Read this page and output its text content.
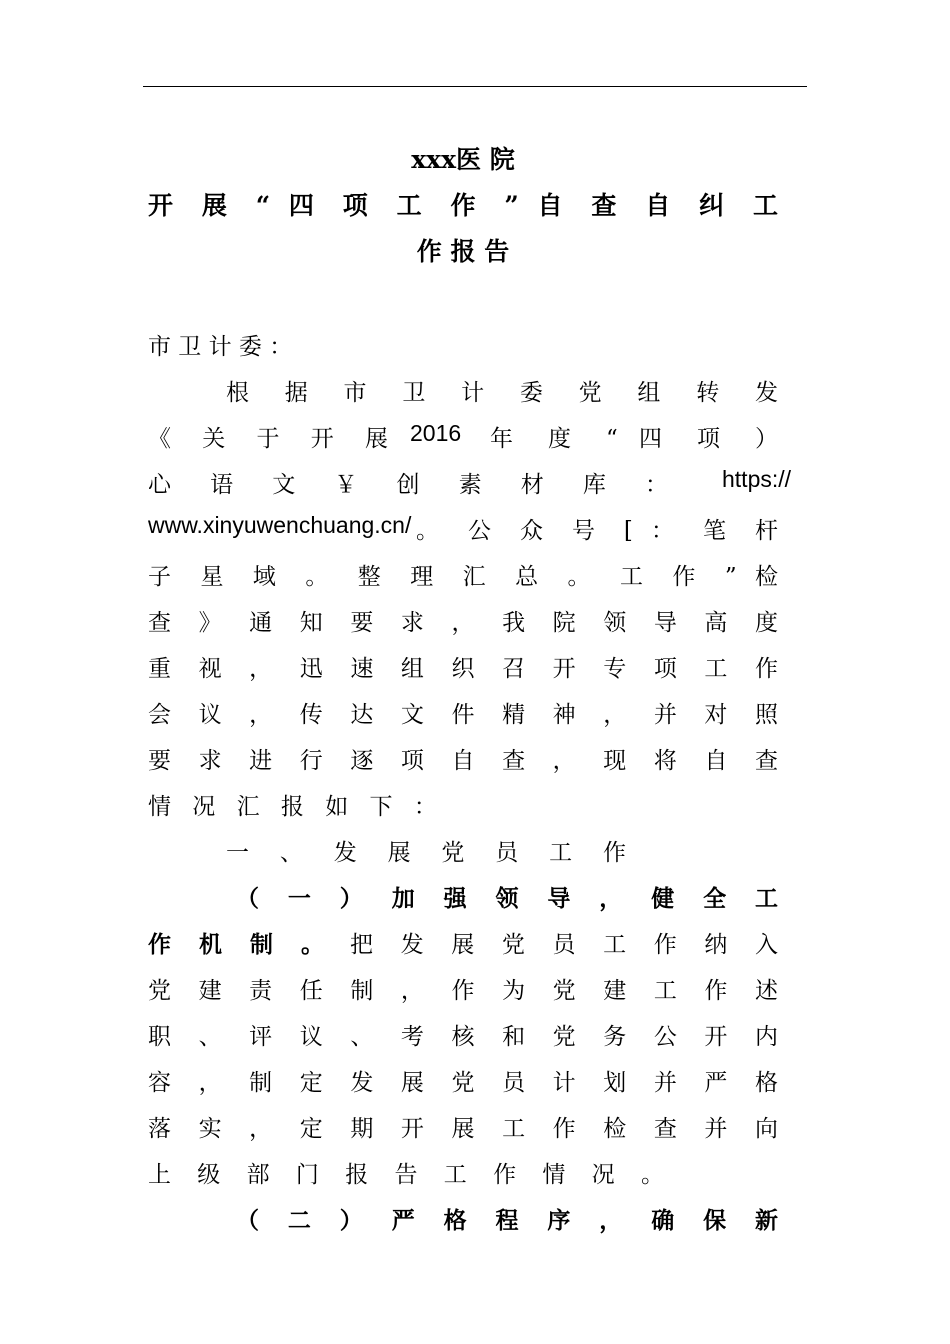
xxx医 院
开 展 “ 四 项 工 作 ” 自 查 自 纠 工
作 报 告
市 卫 计 委 ：
根 据 市 卫 计 委 党 组 转 发
《 关 于 开 展 2016 年 度 “ 四 项 ）
心 语 文 ￥ 创 素 材 库 ： https://
www.xinyuwenchuang.cn/ 。 公 众 号 [ ： 笔 杆
子 星 域 。 整 理 汇 总 。 工 作 ” 检
查 》 通 知 要 求 ， 我 院 领 导 高 度
重 视 ， 迅 速 组 织 召 开 专 项 工 作
会 议 ， 传 达 文 件 精 神 ， 并 对 照
要 求 进 行 逐 项 自 查 ， 现 将 自 查
情 况 汇 报 如 下 ：
一 、 发 展 党 员 工 作
（ 一 ） 加 强 领 导 ， 健 全 工
作 机 制 。 把 发 展 党 员 工 作 纳 入
党 建 责 任 制 ， 作 为 党 建 工 作 述
职 、 评 议 、 考 核 和 党 务 公 开 内
容 ， 制 定 发 展 党 员 计 划 并 严 格
落 实 ， 定 期 开 展 工 作 检 查 并 向
上 级 部 门 报 告 工 作 情 况 。
（ 二 ） 严 格 程 序 ， 确 保 新
